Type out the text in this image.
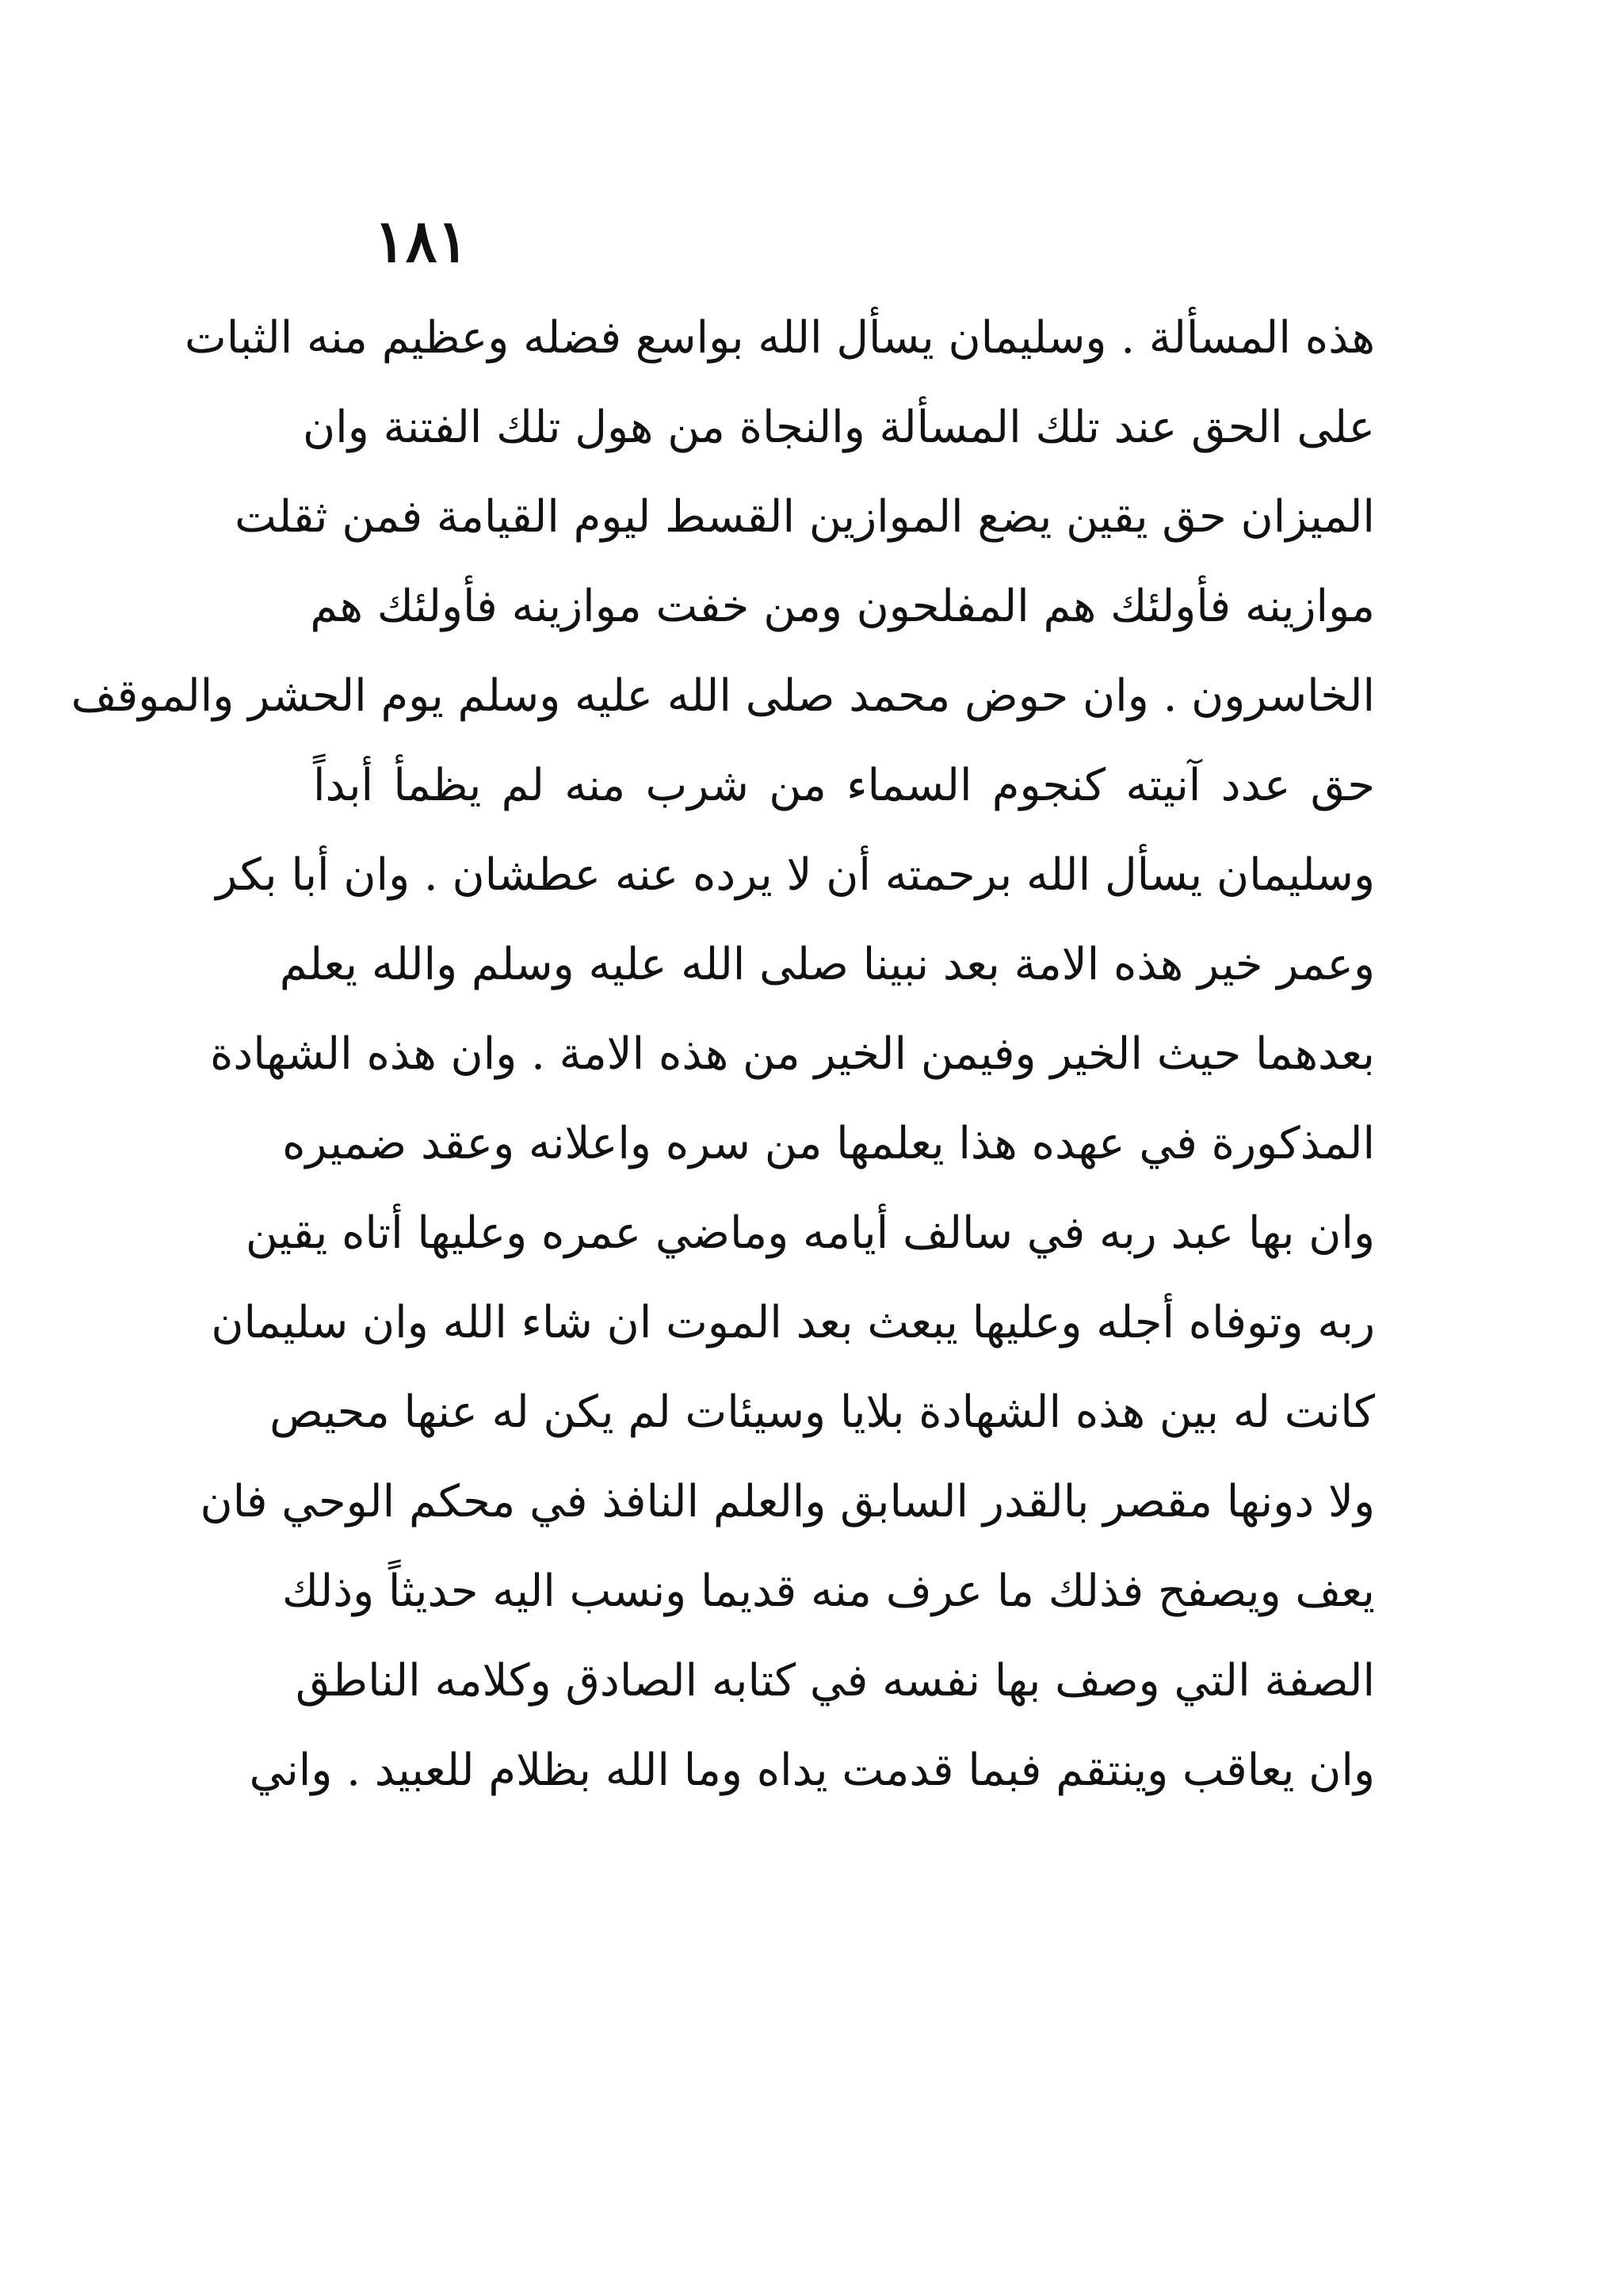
١٨١
هذه المسألة . وسليمان يسأل الله بواسع فضله وعظيم منه الثبات
على الحق عند تلك المسألة والنجاة من هول تلك الفتنة وان
الميزان حق يقين يضع الموازين القسط ليوم القيامة فمن ثقلت
موازينه فأولئك هم المفلحون ومن خفت موازينه فأولئك هم
الخاسرون . وان حوض محمد صلى الله عليه وسلم يوم الحشر والموقف
حق عدد آنيته كنجوم السماء من شرب منه لم يظمأ أبداً
وسليمان يسأل الله برحمته أن لا يرده عنه عطشان . وان أبا بكر
وعمر خير هذه الامة بعد نبينا صلى الله عليه وسلم والله يعلم
بعدهما حيث الخير وفيمن الخير من هذه الامة . وان هذه الشهادة
المذكورة في عهده هذا يعلمها من سره واعلانه وعقد ضميره
وان بها عبد ربه في سالف أيامه وماضي عمره وعليها أتاه يقين
ربه وتوفاه أجله وعليها يبعث بعد الموت ان شاء الله وان سليمان
كانت له بين هذه الشهادة بلايا وسيئات لم يكن له عنها محيص
ولا دونها مقصر بالقدر السابق والعلم النافذ في محكم الوحي فان
يعف ويصفح فذلك ما عرف منه قديما ونسب اليه حديثاً وذلك
الصفة التي وصف بها نفسه في كتابه الصادق وكلامه الناطق
وان يعاقب وينتقم فبما قدمت يداه وما الله بظلام للعبيد . واني
